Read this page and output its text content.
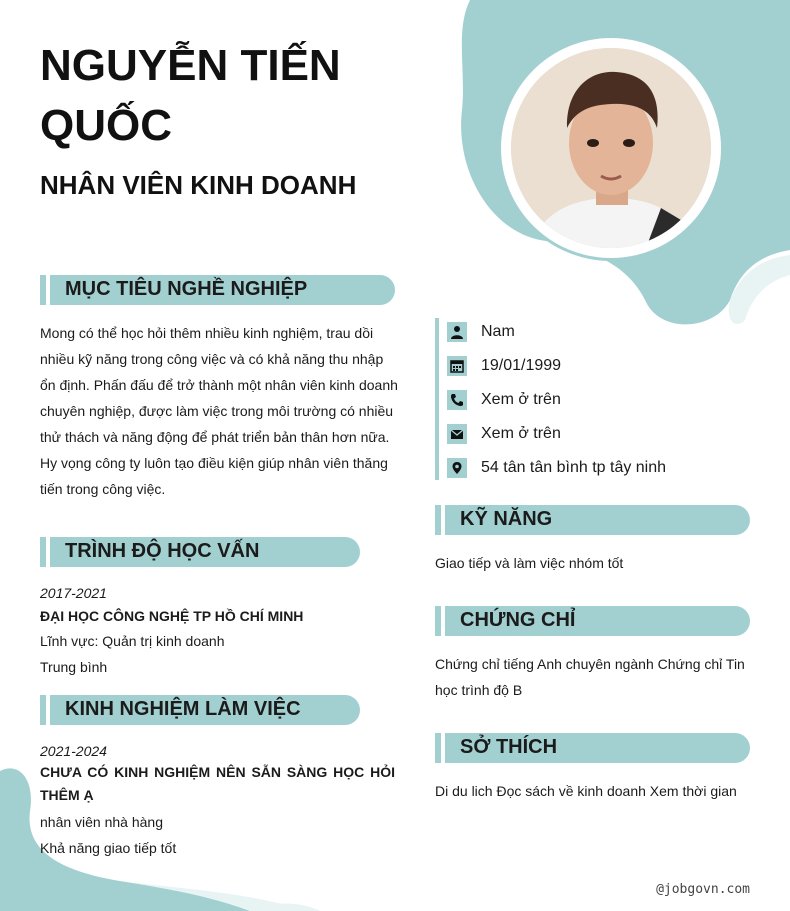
NGUYỄN TIẾN QUỐC
NHÂN VIÊN KINH DOANH
MỤC TIÊU NGHỀ NGHIỆP

Mong có thể học hỏi thêm nhiều kinh nghiệm, trau dồi nhiều kỹ năng trong công việc và có khả năng thu nhập ổn định. Phấn đấu để trở thành một nhân viên kinh doanh chuyên nghiệp, được làm việc trong môi trường có nhiều thử thách và năng động để phát triển bản thân hơn nữa. Hy vọng công ty luôn tạo điều kiện giúp nhân viên thăng tiến trong công việc.

TRÌNH ĐỘ HỌC VẤN

2017-2021

ĐẠI HỌC CÔNG NGHỆ TP HỒ CHÍ MINH

Lĩnh vực: Quản trị kinh doanh

Trung bình

KINH NGHIỆM LÀM VIỆC

2021-2024

CHƯA CÓ KINH NGHIỆM NÊN SẴN SÀNG HỌC HỎI THÊM Ạ

nhân viên nhà hàng

Khả năng giao tiếp tốt

Nam
19/01/1999
Xem ở trên
Xem ở trên
54 tân tân bình tp tây ninh
KỸ NĂNG

Giao tiếp và làm việc nhóm tốt

CHỨNG CHỈ

Chứng chỉ tiếng Anh chuyên ngành Chứng chỉ Tin học trình độ B

SỞ THÍCH

Di du lich Đọc sách về kinh doanh Xem thời gian

@jobgovn.com
